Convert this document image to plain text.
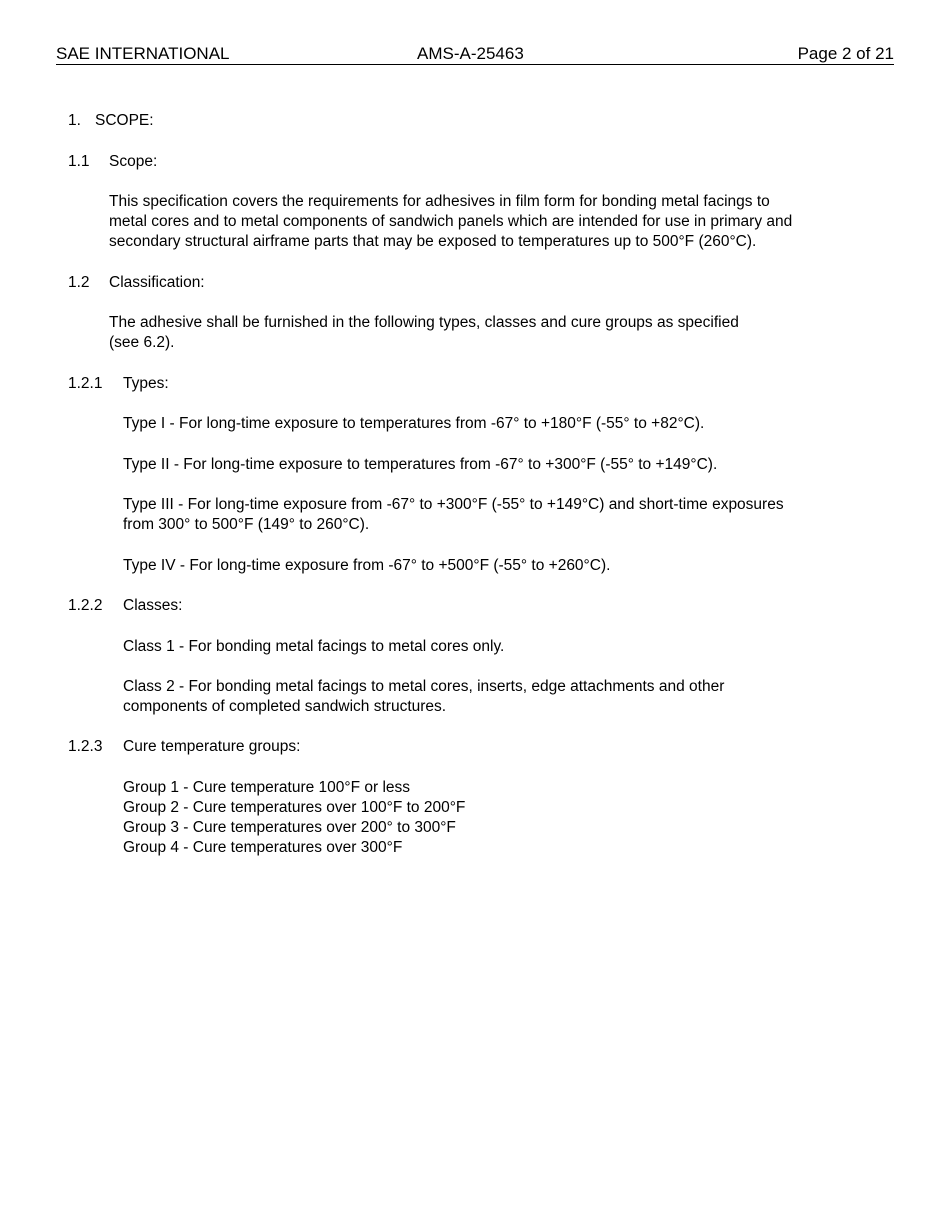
SAE INTERNATIONAL	AMS-A-25463	Page 2 of 21
1. SCOPE:
1.1 Scope:
This specification covers the requirements for adhesives in film form for bonding metal facings to
metal cores and to metal components of sandwich panels which are intended for use in primary and
secondary structural airframe parts that may be exposed to temperatures up to 500°F (260°C).
1.2 Classification:
The adhesive shall be furnished in the following types, classes and cure groups as specified
(see 6.2).
1.2.1 Types:
Type I - For long-time exposure to temperatures from -67° to +180°F (-55° to +82°C).
Type II - For long-time exposure to temperatures from -67° to +300°F (-55° to +149°C).
Type III - For long-time exposure from -67° to +300°F (-55° to +149°C) and short-time exposures
from 300° to 500°F (149° to 260°C).
Type IV - For long-time exposure from -67° to +500°F (-55° to +260°C).
1.2.2 Classes:
Class 1 - For bonding metal facings to metal cores only.
Class 2 - For bonding metal facings to metal cores, inserts, edge attachments and other
components of completed sandwich structures.
1.2.3 Cure temperature groups:
Group 1 - Cure temperature 100°F or less
Group 2 - Cure temperatures over 100°F to 200°F
Group 3 - Cure temperatures over 200° to 300°F
Group 4 - Cure temperatures over 300°F
